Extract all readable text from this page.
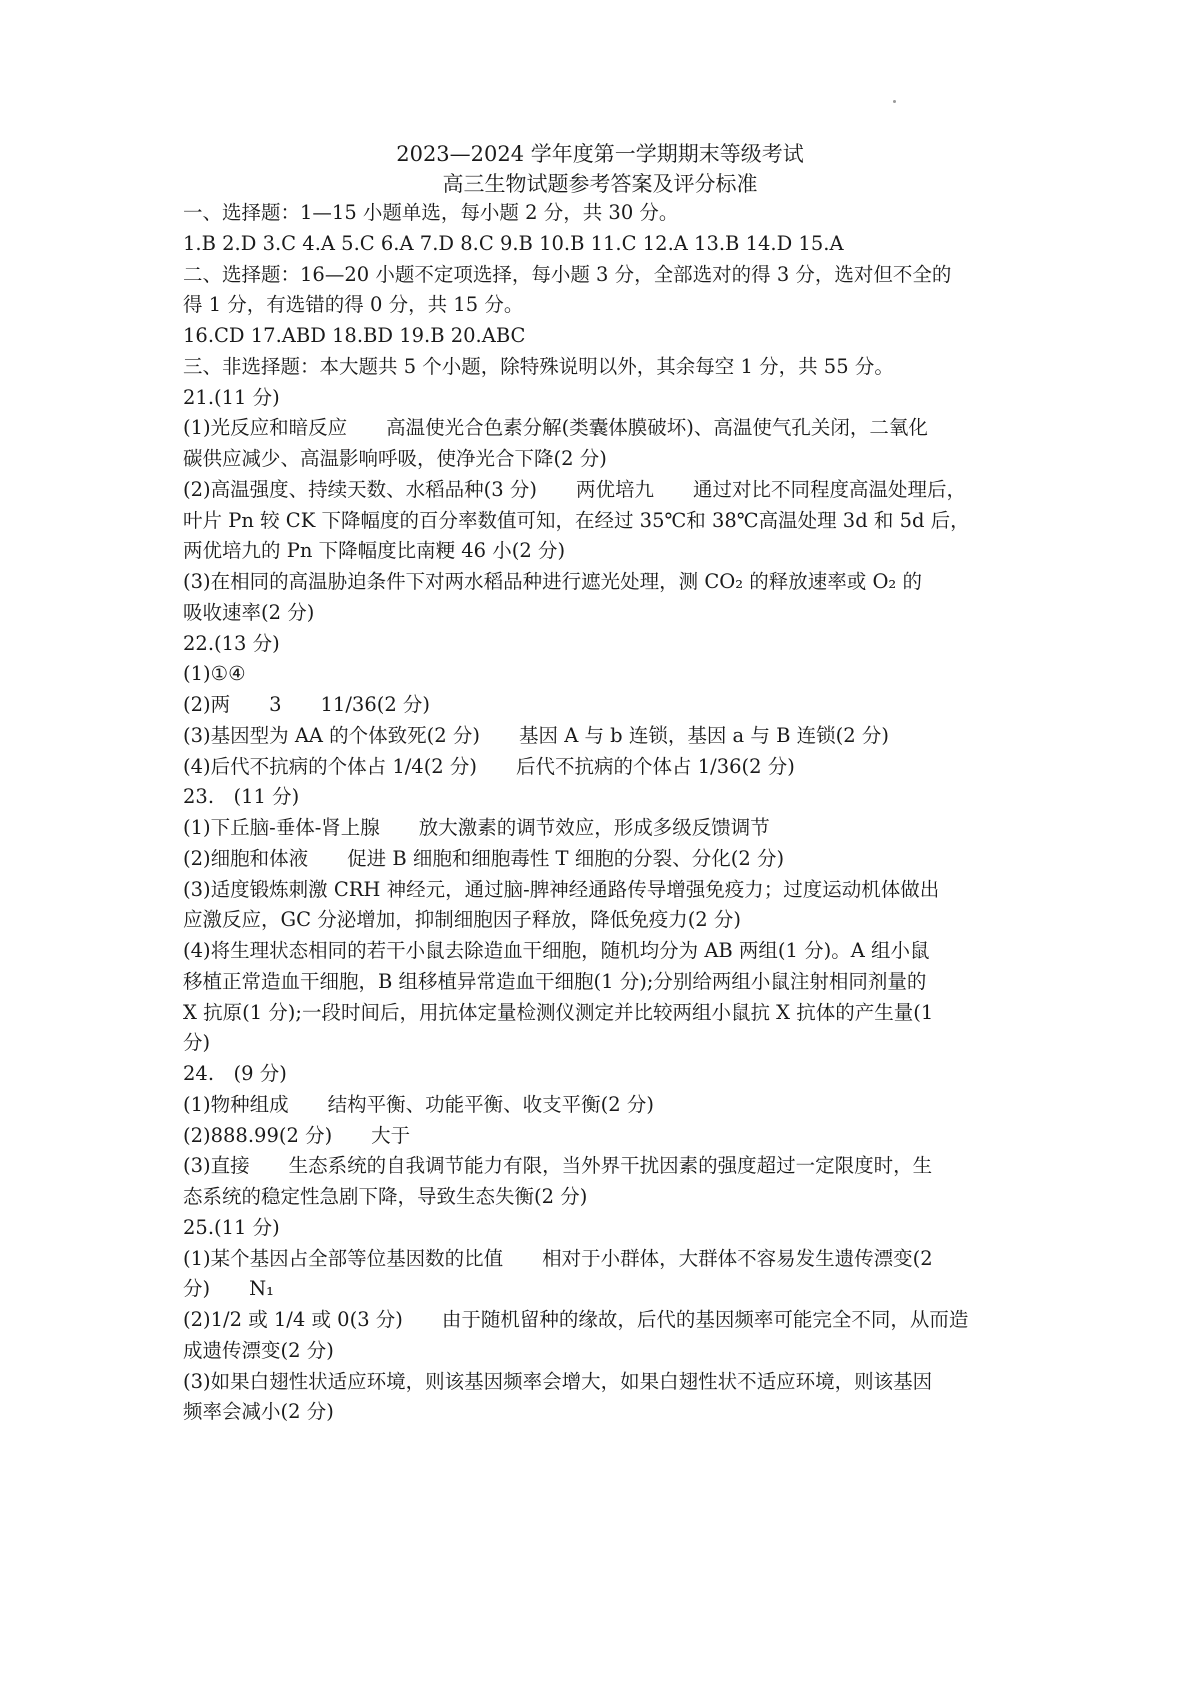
2023—2024 学年度第一学期期末等级考试
高三生物试题参考答案及评分标准
一、选择题：1—15 小题单选，每小题 2 分，共 30 分。
1.B 2.D 3.C 4.A 5.C 6.A 7.D 8.C 9.B 10.B 11.C 12.A 13.B 14.D 15.A
二、选择题：16—20 小题不定项选择，每小题 3 分，全部选对的得 3 分，选对但不全的
得 1 分，有选错的得 0 分，共 15 分。
16.CD 17.ABD 18.BD 19.B 20.ABC
三、非选择题：本大题共 5 个小题，除特殊说明以外，其余每空 1 分，共 55 分。
21.(11 分)
(1)光反应和暗反应　　高温使光合色素分解(类囊体膜破坏)、高温使气孔关闭，二氧化
碳供应减少、高温影响呼吸，使净光合下降(2 分)
(2)高温强度、持续天数、水稻品种(3 分)　　两优培九　　通过对比不同程度高温处理后，
叶片 Pn 较 CK 下降幅度的百分率数值可知，在经过 35℃和 38℃高温处理 3d 和 5d 后，
两优培九的 Pn 下降幅度比南粳 46 小(2 分)
(3)在相同的高温胁迫条件下对两水稻品种进行遮光处理，测 CO₂ 的释放速率或 O₂ 的
吸收速率(2 分)
22.(13 分)
(1)①④
(2)两　　3　　11/36(2 分)
(3)基因型为 AA 的个体致死(2 分)　　基因 A 与 b 连锁，基因 a 与 B 连锁(2 分)
(4)后代不抗病的个体占 1/4(2 分)　　后代不抗病的个体占 1/36(2 分)
23.　(11 分)
(1)下丘脑-垂体-肾上腺　　放大激素的调节效应，形成多级反馈调节
(2)细胞和体液　　促进 B 细胞和细胞毒性 T 细胞的分裂、分化(2 分)
(3)适度锻炼刺激 CRH 神经元，通过脑-脾神经通路传导增强免疫力；过度运动机体做出
应激反应，GC 分泌增加，抑制细胞因子释放，降低免疫力(2 分)
(4)将生理状态相同的若干小鼠去除造血干细胞，随机均分为 AB 两组(1 分)。A 组小鼠
移植正常造血干细胞，B 组移植异常造血干细胞(1 分);分别给两组小鼠注射相同剂量的
X 抗原(1 分);一段时间后，用抗体定量检测仪测定并比较两组小鼠抗 X 抗体的产生量(1
分)
24.　(9 分)
(1)物种组成　　结构平衡、功能平衡、收支平衡(2 分)
(2)888.99(2 分)　　大于
(3)直接　　生态系统的自我调节能力有限，当外界干扰因素的强度超过一定限度时，生
态系统的稳定性急剧下降，导致生态失衡(2 分)
25.(11 分)
(1)某个基因占全部等位基因数的比值　　相对于小群体，大群体不容易发生遗传漂变(2
分)　　N₁
(2)1/2 或 1/4 或 0(3 分)　　由于随机留种的缘故，后代的基因频率可能完全不同，从而造
成遗传漂变(2 分)
(3)如果白翅性状适应环境，则该基因频率会增大，如果白翅性状不适应环境，则该基因
频率会减小(2 分)
